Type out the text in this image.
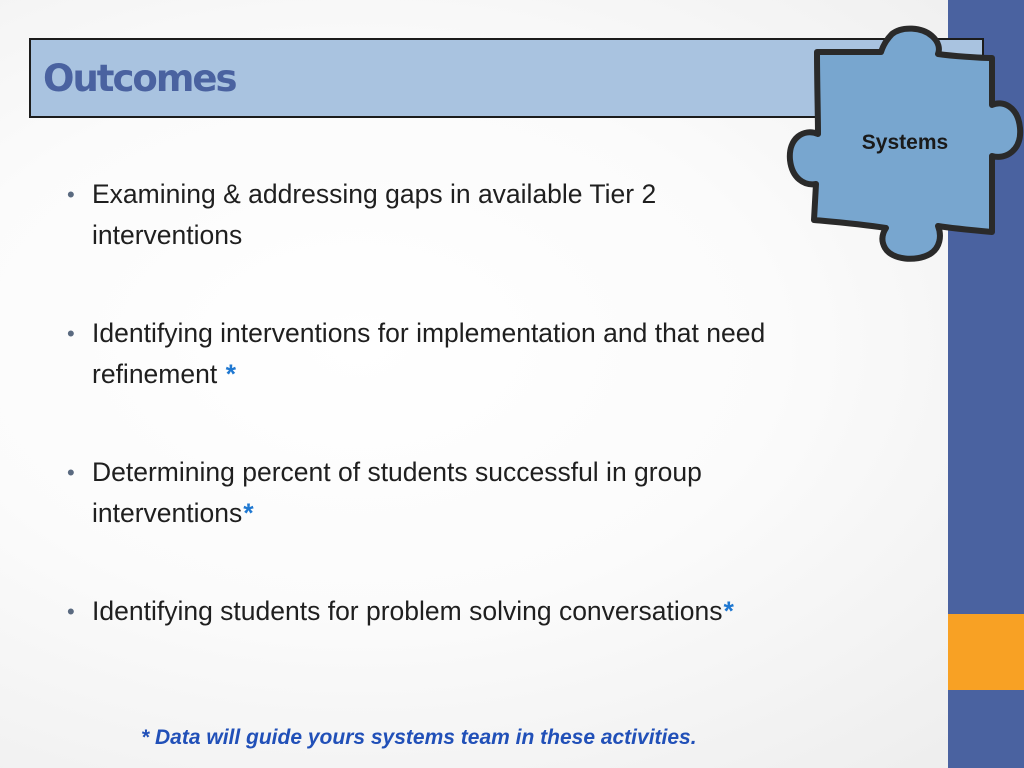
Outcomes
Systems
• Examining & addressing gaps in available Tier 2 interventions
• Identifying interventions for implementation and that need refinement *
• Determining percent of students successful in group interventions*
• Identifying students for problem solving conversations*

* Data will guide yours systems team in these activities.
